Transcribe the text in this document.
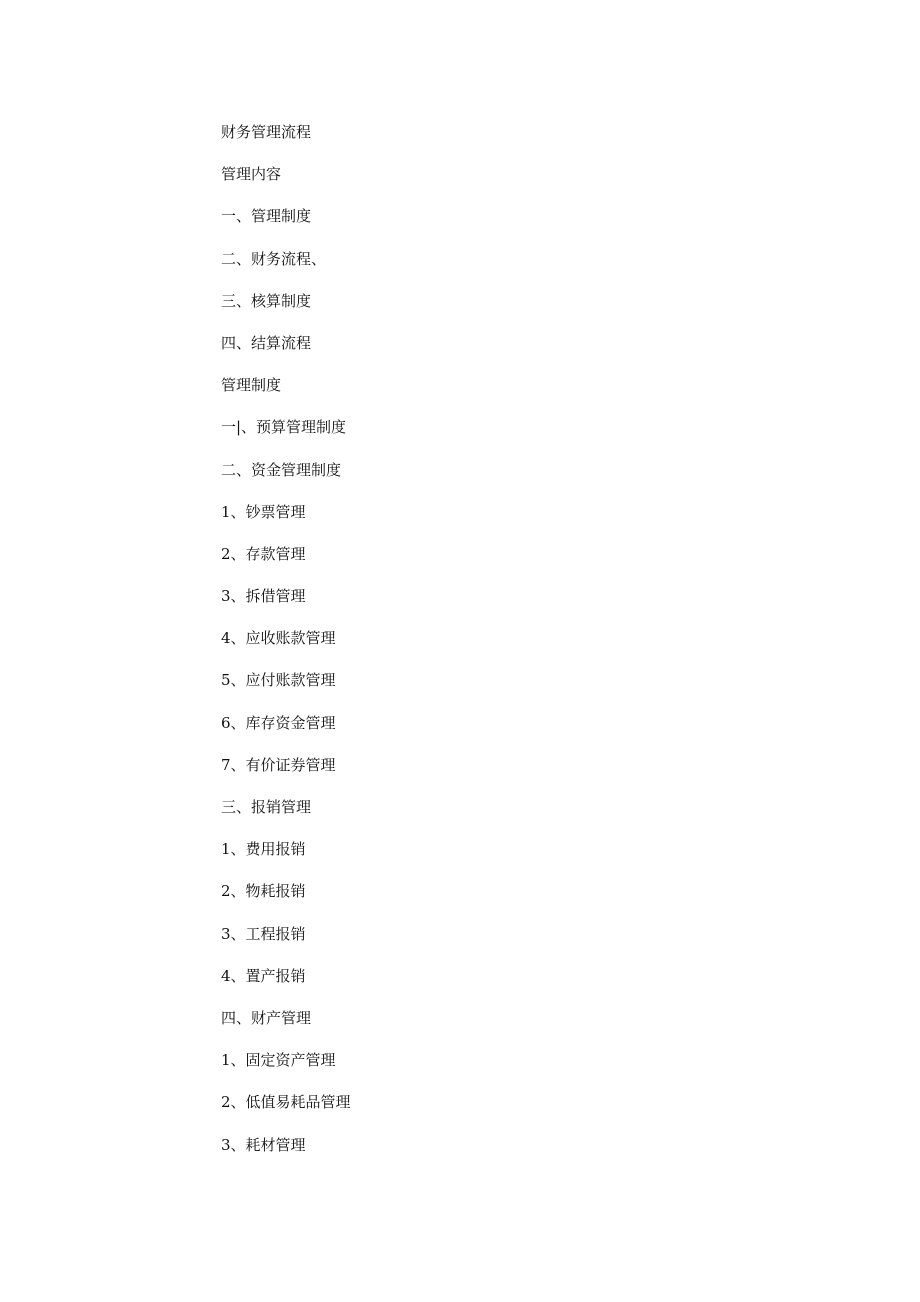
财务管理流程
管理内容
一、管理制度
二、财务流程、
三、核算制度
四、结算流程
管理制度
一|、预算管理制度
二、资金管理制度
1、钞票管理
2、存款管理
3、拆借管理
4、应收账款管理
5、应付账款管理
6、库存资金管理
7、有价证券管理
三、报销管理
1、费用报销
2、物耗报销
3、工程报销
4、置产报销
四、财产管理
1、固定资产管理
2、低值易耗品管理
3、耗材管理
